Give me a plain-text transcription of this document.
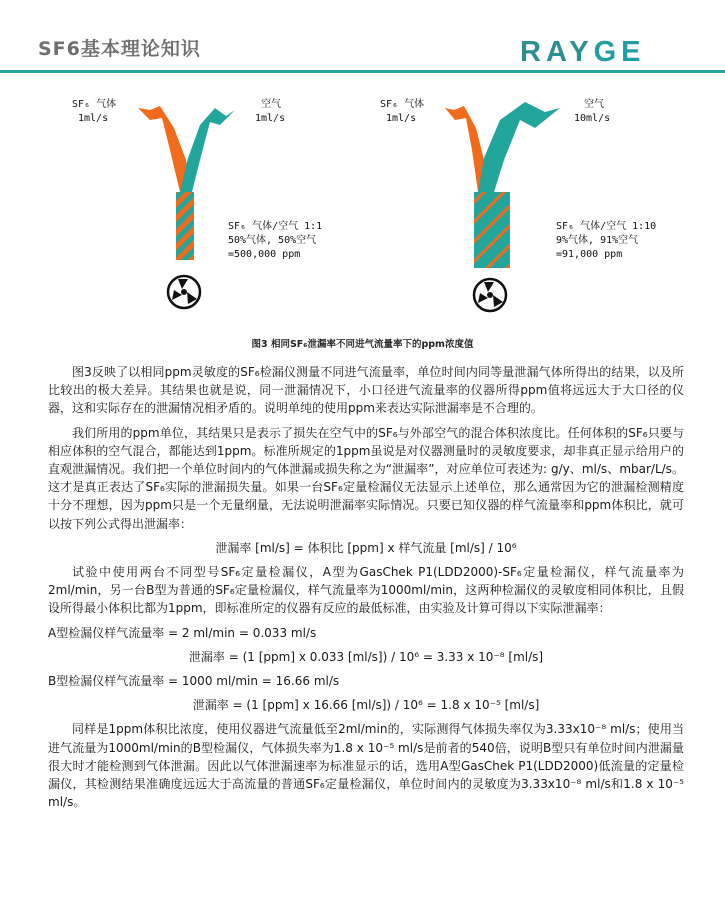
SF6基本理论知识	RAYGE
SF₆ 气体
1ml/s
空气
1ml/s
SF₆ 气体/空气 1:1
50%气体, 50%空气
=500,000 ppm
SF₆ 气体
1ml/s
空气
10ml/s
SF₆ 气体/空气 1:10
9%气体, 91%空气
=91,000 ppm
图3 相同SF₆泄漏率不同进气流量率下的ppm浓度值

图3反映了以相同ppm灵敏度的SF₆检漏仪测量不同进气流量率，单位时间内同等量泄漏气体所得出的结果，以及所比较出的极大差异。其结果也就是说，同一泄漏情况下，小口径进气流量率的仪器所得ppm值将远远大于大口径的仪器，这和实际存在的泄漏情况相矛盾的。说明单纯的使用ppm来表达实际泄漏率是不合理的。

我们所用的ppm单位，其结果只是表示了损失在空气中的SF₆与外部空气的混合体积浓度比。任何体积的SF₆只要与相应体积的空气混合，都能达到1ppm。标准所规定的1ppm虽说是对仪器测量时的灵敏度要求，却非真正显示给用户的直观泄漏情况。我们把一个单位时间内的气体泄漏或损失称之为“泄漏率”，对应单位可表述为: g/y、ml/s、mbar/L/s。这才是真正表达了SF₆实际的泄漏损失量。如果一台SF₆定量检漏仪无法显示上述单位，那么通常因为它的泄漏检测精度十分不理想，因为ppm只是一个无量纲量，无法说明泄漏率实际情况。只要已知仪器的样气流量率和ppm体积比，就可以按下列公式得出泄漏率：

泄漏率 [ml/s] = 体积比 [ppm] x 样气流量 [ml/s] / 10⁶

试验中使用两台不同型号SF₆定量检漏仪，A型为GasChek P1(LDD2000)-SF₆定量检漏仪，样气流量率为2ml/min，另一台B型为普通的SF₆定量检漏仪，样气流量率为1000ml/min，这两种检漏仪的灵敏度相同体积比，且假设所得最小体积比都为1ppm，即标准所定的仪器有反应的最低标准，由实验及计算可得以下实际泄漏率：

A型检漏仪样气流量率 = 2 ml/min = 0.033 ml/s

泄漏率 = (1 [ppm] x 0.033 [ml/s]) / 10⁶ = 3.33 x 10⁻⁸ [ml/s]

B型检漏仪样气流量率 = 1000 ml/min = 16.66 ml/s

泄漏率 = (1 [ppm] x 16.66 [ml/s]) / 10⁶ = 1.8 x 10⁻⁵ [ml/s]

同样是1ppm体积比浓度，使用仪器进气流量低至2ml/min的，实际测得气体损失率仅为3.33x10⁻⁸ ml/s；使用当进气流量为1000ml/min的B型检漏仪，气体损失率为1.8 x 10⁻⁵ ml/s是前者的540倍，说明B型只有单位时间内泄漏量很大时才能检测到气体泄漏。因此以气体泄漏速率为标准显示的话，选用A型GasChek P1(LDD2000)低流量的定量检漏仪，其检测结果准确度远远大于高流量的普通SF₆定量检漏仪，单位时间内的灵敏度为3.33x10⁻⁸ ml/s和1.8 x 10⁻⁵ ml/s。
